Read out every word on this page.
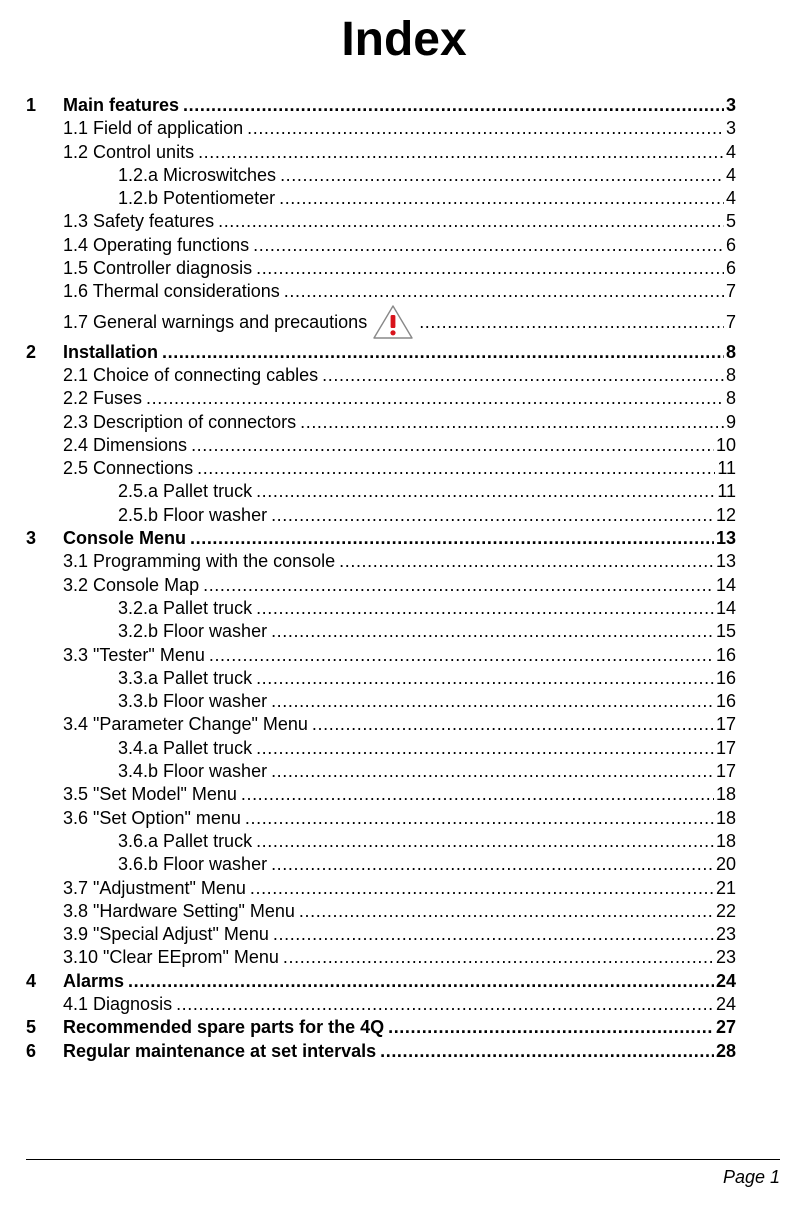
Index
1 Main features .....	3
1.1 Field of application .....	3
1.2 Control units .....	4
1.2.a Microswitches .....	4
1.2.b Potentiometer .....	4
1.3 Safety features .....	5
1.4 Operating functions .....	6
1.5 Controller diagnosis .....	6
1.6 Thermal considerations .....	7
1.7 General warnings and precautions .....	7
2 Installation .....	8
2.1 Choice of connecting cables .....	8
2.2 Fuses .....	8
2.3 Description of connectors .....	9
2.4 Dimensions .....	10
2.5 Connections .....	11
2.5.a Pallet truck .....	11
2.5.b Floor washer .....	12
3 Console Menu .....	13
3.1 Programming with the console .....	13
3.2 Console Map .....	14
3.2.a Pallet truck .....	14
3.2.b Floor washer .....	15
3.3 "Tester" Menu .....	16
3.3.a Pallet truck .....	16
3.3.b Floor washer .....	16
3.4 "Parameter Change" Menu .....	17
3.4.a Pallet truck .....	17
3.4.b Floor washer .....	17
3.5 "Set Model" Menu .....	18
3.6 "Set Option" menu .....	18
3.6.a Pallet truck .....	18
3.6.b Floor washer .....	20
3.7 "Adjustment" Menu .....	21
3.8 "Hardware Setting" Menu .....	22
3.9 "Special Adjust" Menu .....	23
3.10 "Clear EEprom" Menu .....	23
4 Alarms .....	24
4.1 Diagnosis .....	24
5 Recommended spare parts for the 4Q .....	27
6 Regular maintenance at set intervals .....	28
Page 1
